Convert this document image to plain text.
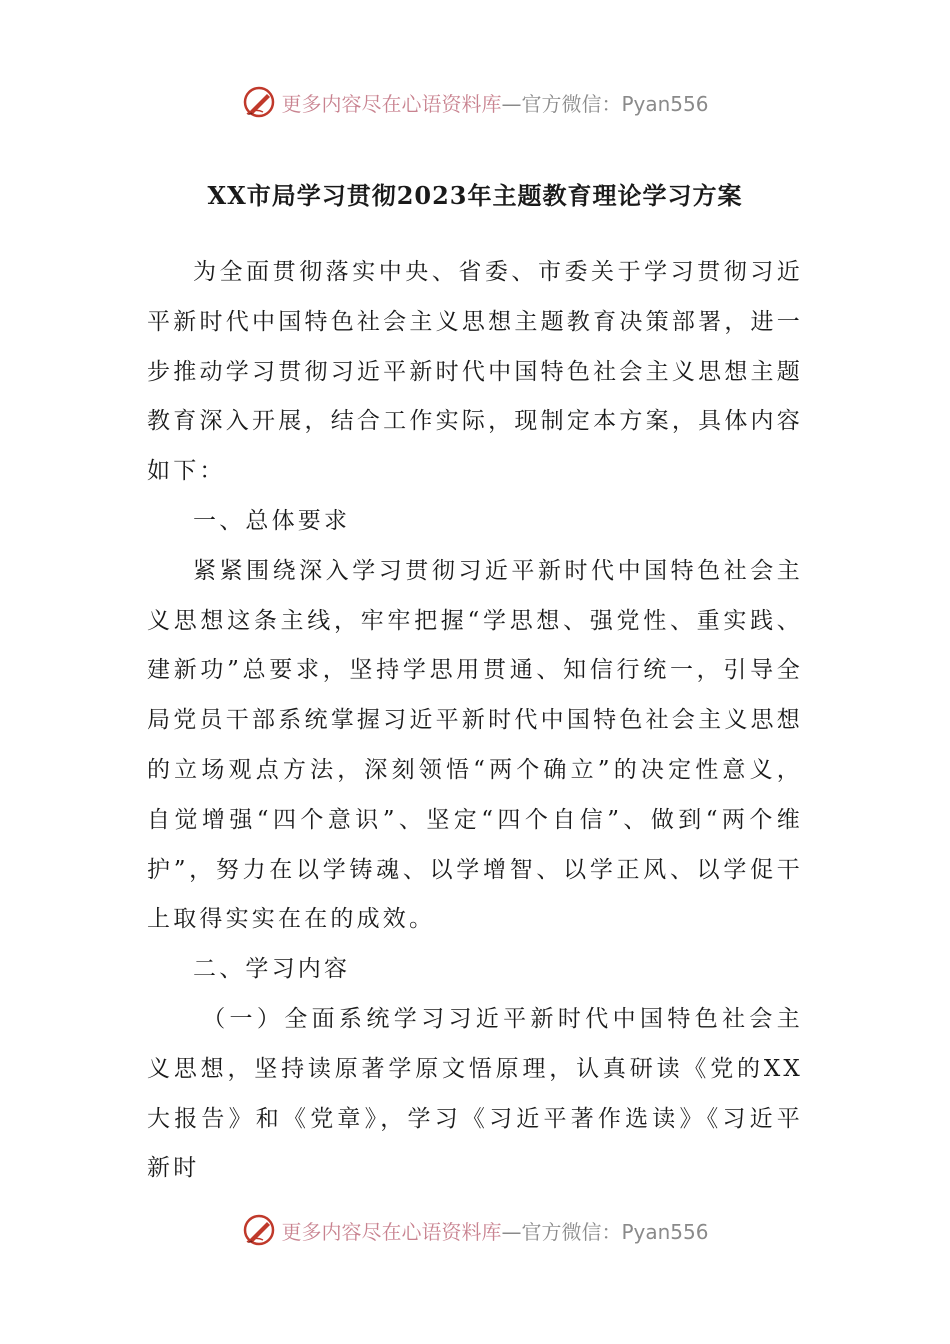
更多内容尽在心语资料库—官方微信：Pyan556
XX市局学习贯彻2023年主题教育理论学习方案

为全面贯彻落实中央、省委、市委关于学习贯彻习近平新时代中国特色社会主义思想主题教育决策部署，进一步推动学习贯彻习近平新时代中国特色社会主义思想主题教育深入开展，结合工作实际，现制定本方案，具体内容如下：

一、总体要求

紧紧围绕深入学习贯彻习近平新时代中国特色社会主义思想这条主线，牢牢把握“学思想、强党性、重实践、建新功”总要求，坚持学思用贯通、知信行统一，引导全局党员干部系统掌握习近平新时代中国特色社会主义思想的立场观点方法，深刻领悟“两个确立”的决定性意义，自觉增强“四个意识”、坚定“四个自信”、做到“两个维护”，努力在以学铸魂、以学增智、以学正风、以学促干上取得实实在在的成效。

二、学习内容

（一）全面系统学习习近平新时代中国特色社会主义思想，坚持读原著学原文悟原理，认真研读《党的XX大报告》和《党章》，学习《习近平著作选读》《习近平新时

更多内容尽在心语资料库—官方微信：Pyan556
